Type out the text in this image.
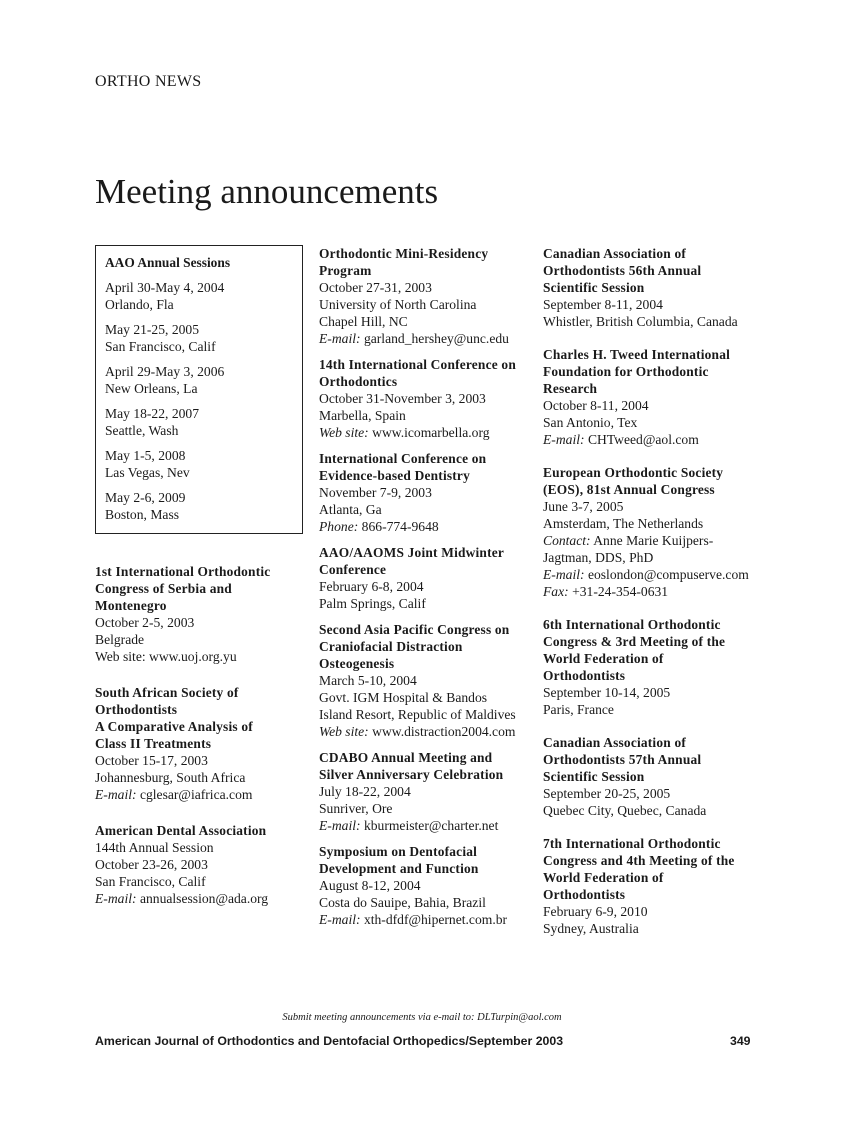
ORTHO NEWS
Meeting announcements
AAO Annual Sessions
April 30-May 4, 2004
Orlando, Fla
May 21-25, 2005
San Francisco, Calif
April 29-May 3, 2006
New Orleans, La
May 18-22, 2007
Seattle, Wash
May 1-5, 2008
Las Vegas, Nev
May 2-6, 2009
Boston, Mass
1st International Orthodontic
Congress of Serbia and
Montenegro
October 2-5, 2003
Belgrade
Web site: www.uoj.org.yu
South African Society of
Orthodontists
A Comparative Analysis of
Class II Treatments
October 15-17, 2003
Johannesburg, South Africa
E-mail: cglesar@iafrica.com
American Dental Association
144th Annual Session
October 23-26, 2003
San Francisco, Calif
E-mail: annualsession@ada.org
Orthodontic Mini-Residency
Program
October 27-31, 2003
University of North Carolina
Chapel Hill, NC
E-mail: garland_hershey@unc.edu
14th International Conference on
Orthodontics
October 31-November 3, 2003
Marbella, Spain
Web site: www.icomarbella.org
International Conference on
Evidence-based Dentistry
November 7-9, 2003
Atlanta, Ga
Phone: 866-774-9648
AAO/AAOMS Joint Midwinter
Conference
February 6-8, 2004
Palm Springs, Calif
Second Asia Pacific Congress on
Craniofacial Distraction
Osteogenesis
March 5-10, 2004
Govt. IGM Hospital & Bandos
Island Resort, Republic of Maldives
Web site: www.distraction2004.com
CDABO Annual Meeting and
Silver Anniversary Celebration
July 18-22, 2004
Sunriver, Ore
E-mail: kburmeister@charter.net
Symposium on Dentofacial
Development and Function
August 8-12, 2004
Costa do Sauipe, Bahia, Brazil
E-mail: xth-dfdf@hipernet.com.br
Canadian Association of
Orthodontists 56th Annual
Scientific Session
September 8-11, 2004
Whistler, British Columbia, Canada
Charles H. Tweed International
Foundation for Orthodontic
Research
October 8-11, 2004
San Antonio, Tex
E-mail: CHTweed@aol.com
European Orthodontic Society
(EOS), 81st Annual Congress
June 3-7, 2005
Amsterdam, The Netherlands
Contact: Anne Marie Kuijpers-
Jagtman, DDS, PhD
E-mail: eoslondon@compuserve.com
Fax: +31-24-354-0631
6th International Orthodontic
Congress & 3rd Meeting of the
World Federation of
Orthodontists
September 10-14, 2005
Paris, France
Canadian Association of
Orthodontists 57th Annual
Scientific Session
September 20-25, 2005
Quebec City, Quebec, Canada
7th International Orthodontic
Congress and 4th Meeting of the
World Federation of
Orthodontists
February 6-9, 2010
Sydney, Australia
Submit meeting announcements via e-mail to: DLTurpin@aol.com
American Journal of Orthodontics and Dentofacial Orthopedics/September 2003	349
